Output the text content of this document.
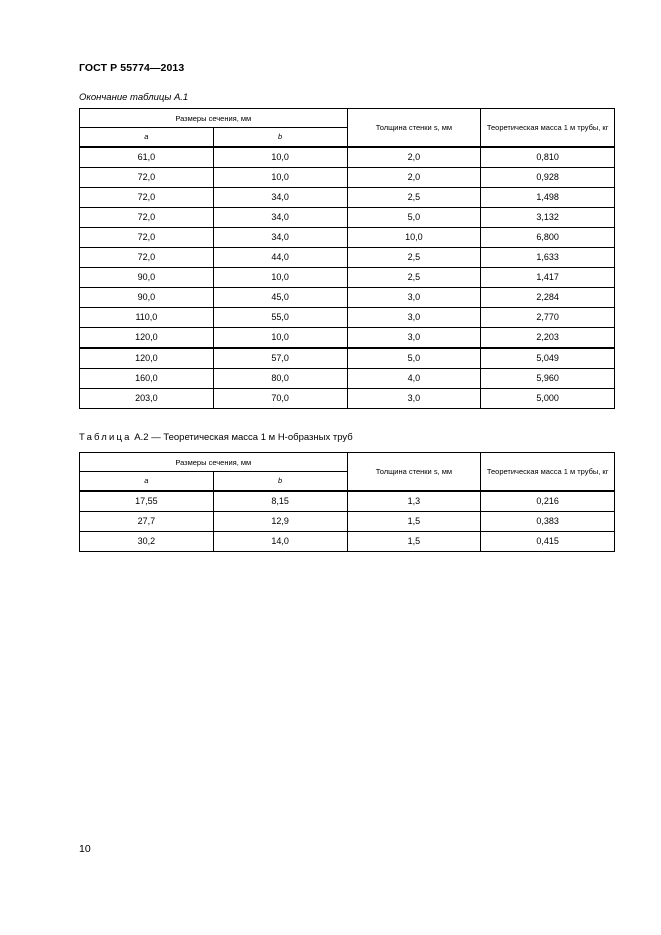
ГОСТ Р 55774—2013
Окончание таблицы А.1
Размеры сечения, мм		Толщина стенки s, мм	Теоретическая масса 1 м трубы, кг
a	b		
61,0	10,0	2,0	0,810
72,0	10,0	2,0	0,928
72,0	34,0	2,5	1,498
72,0	34,0	5,0	3,132
72,0	34,0	10,0	6,800
72,0	44,0	2,5	1,633
90,0	10,0	2,5	1,417
90,0	45,0	3,0	2,284
110,0	55,0	3,0	2,770
120,0	10,0	3,0	2,203
120,0	57,0	5,0	5,049
160,0	80,0	4,0	5,960
203,0	70,0	3,0	5,000
Таблица А.2 — Теоретическая масса 1 м Н-образных труб
Размеры сечения, мм		Толщина стенки s, мм	Теоретическая масса 1 м трубы, кг
a	b		
17,55	8,15	1,3	0,216
27,7	12,9	1,5	0,383
30,2	14,0	1,5	0,415
10
